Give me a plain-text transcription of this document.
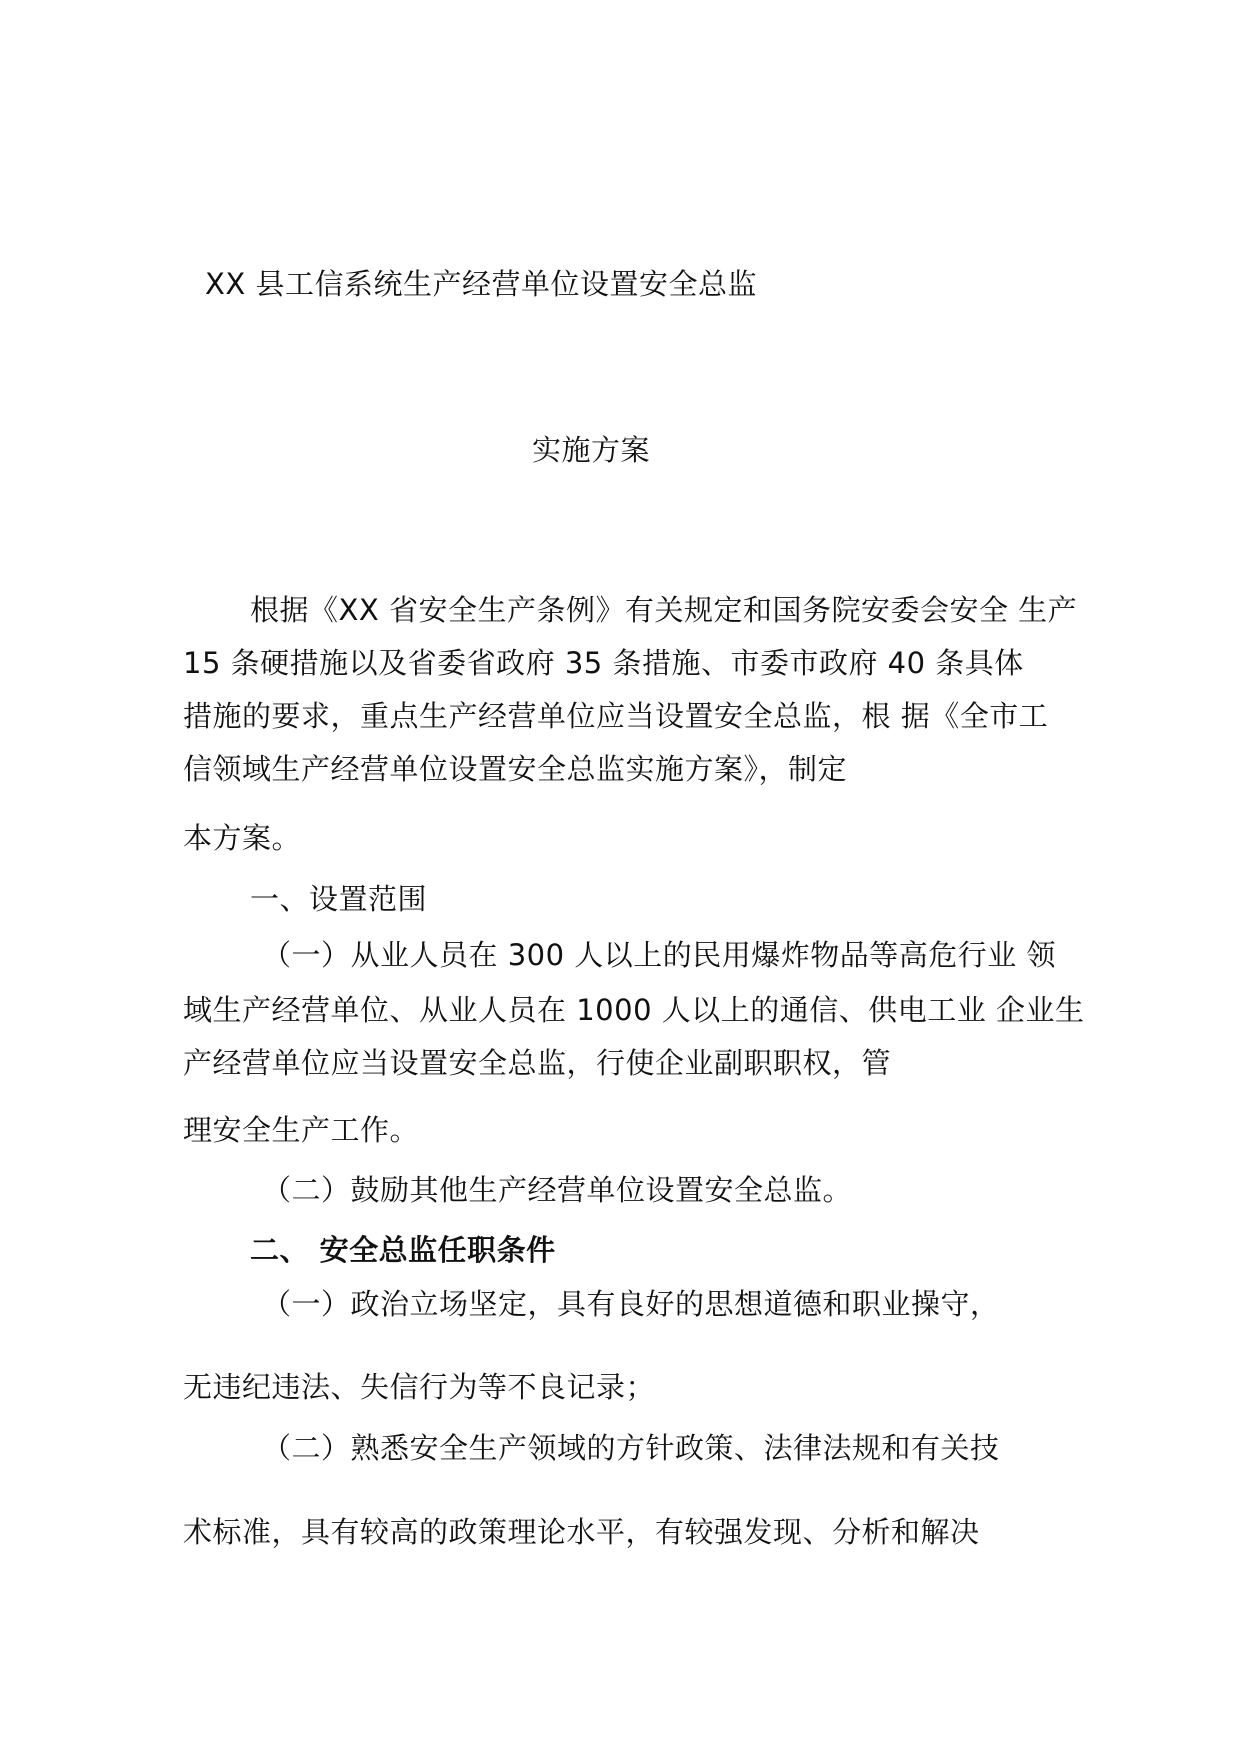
XX 县工信系统生产经营单位设置安全总监
实施方案
根据《XX 省安全生产条例》有关规定和国务院安委会安全 生产
15 条硬措施以及省委省政府 35 条措施、市委市政府 40 条具体
措施的要求，重点生产经营单位应当设置安全总监，根 据《全市工
信领域生产经营单位设置安全总监实施方案》，制定
本方案。
一、设置范围
（一）从业人员在 300 人以上的民用爆炸物品等高危行业 领
域生产经营单位、从业人员在 1000 人以上的通信、供电工业 企业生
产经营单位应当设置安全总监，行使企业副职职权，管
理安全生产工作。
（二）鼓励其他生产经营单位设置安全总监。
二、 安全总监任职条件
（一）政治立场坚定，具有良好的思想道德和职业操守，
无违纪违法、失信行为等不良记录；
（二）熟悉安全生产领域的方针政策、法律法规和有关技
术标准，具有较高的政策理论水平，有较强发现、分析和解决
